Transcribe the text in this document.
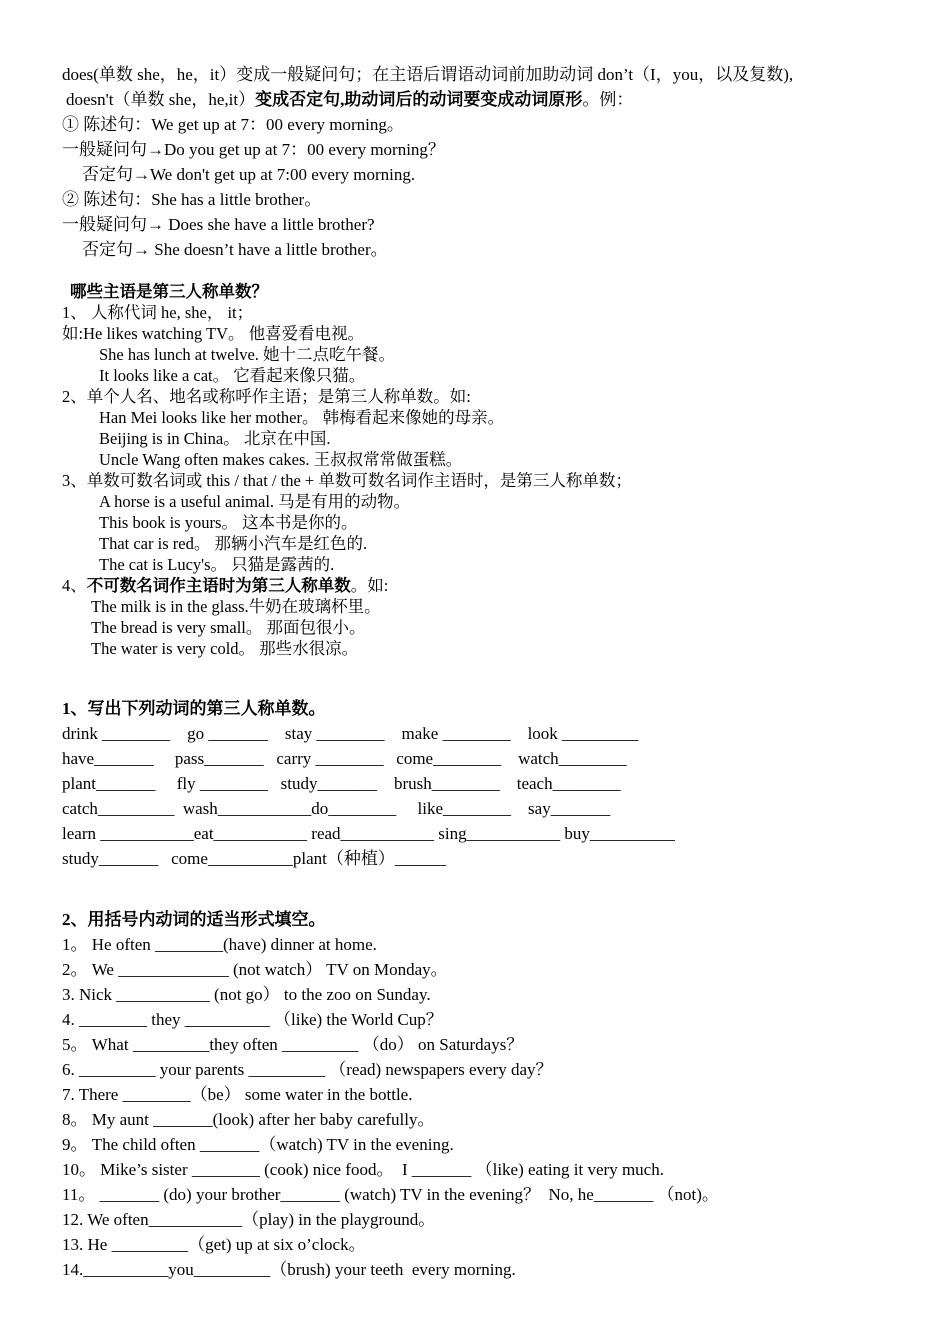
does(单数 she，he，it）变成一般疑问句；在主语后谓语动词前加助动词 don’t（I，you，以及复数),
doesn't（单数 she，he,it）变成否定句,助动词后的动词要变成动词原形。例：
① 陈述句：We get up at 7：00 every morning。
一般疑问句→Do you get up at 7：00 every morning？
否定句→We don't get up at 7:00 every morning.
② 陈述句：She has a little brother。
一般疑问句→ Does she have a little brother?
否定句→ She doesn’t have a little brother。
哪些主语是第三人称单数？
1、 人称代词 he, she， it；
如:He likes watching TV。 他喜爱看电视。
She has lunch at twelve. 她十二点吃午餐。
It looks like a cat。 它看起来像只猫。
2、单个人名、地名或称呼作主语；是第三人称单数。如:
Han Mei looks like her mother。 韩梅看起来像她的母亲。
Beijing is in China。 北京在中国.
Uncle Wang often makes cakes. 王叔叔常常做蛋糕。
3、单数可数名词或 this / that / the + 单数可数名词作主语时，是第三人称单数；
A horse is a useful animal. 马是有用的动物。
This book is yours。 这本书是你的。
That car is red。 那辆小汽车是红色的.
The cat is Lucy's。 只猫是露茜的.
4、不可数名词作主语时为第三人称单数。如:
The milk is in the glass.牛奶在玻璃杯里。
The bread is very small。 那面包很小。
The water is very cold。 那些水很凉。
1、写出下列动词的第三人称单数。
drink ________    go _______    stay ________    make ________    look _________
have_______     pass_______   carry ________   come________    watch________
plant_______     fly ________   study_______    brush________    teach________
catch_________  wash___________do________     like________    say_______
learn ___________eat___________ read___________ sing___________ buy__________
study_______   come__________plant（种植）______
2、用括号内动词的适当形式填空。
1。 He often ________(have) dinner at home.
2。 We _____________ (not watch） TV on Monday。
3. Nick ___________ (not go） to the zoo on Sunday.
4. ________ they __________ （like) the World Cup？
5。 What _________they often _________ （do） on Saturdays？
6. _________ your parents _________ （read) newspapers every day？
7. There ________（be） some water in the bottle.
8。 My aunt _______(look) after her baby carefully。
9。 The child often _______（watch) TV in the evening.
10。 Mike’s sister ________ (cook) nice food。  I _______ （like) eating it very much.
11。 _______ (do) your brother_______ (watch) TV in the evening？  No, he_______ （not)。
12. We often___________（play) in the playground。
13. He _________（get) up at six o’clock。
14.__________you_________（brush) your teeth  every morning.
